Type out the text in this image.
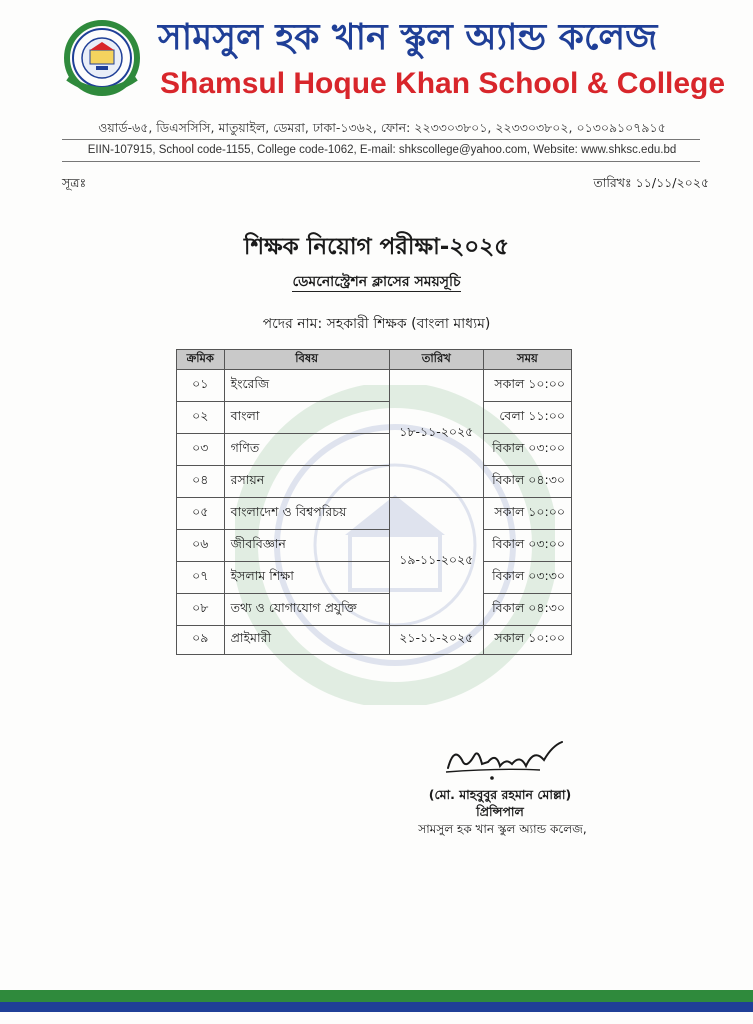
সামসুল হক খান স্কুল অ্যান্ড কলেজ
Shamsul Hoque Khan School & College
ওয়ার্ড-৬৫, ডিএসসিসি, মাতুয়াইল, ডেমরা, ঢাকা-১৩৬২, ফোন: ২২৩৩০৩৮০১, ২২৩৩০৩৮০২, ০১৩০৯১০৭৯১৫
EIIN-107915, School code-1155, College code-1062, E-mail: shkscollege@yahoo.com, Website: www.shksc.edu.bd
সূত্রঃ	তারিখঃ ১১/১১/২০২৫
শিক্ষক নিয়োগ পরীক্ষা-২০২৫
ডেমনোস্ট্রেশন ক্লাসের সময়সূচি
পদের নাম: সহকারী শিক্ষক (বাংলা মাধ্যম)
ক্রমিক	বিষয়	তারিখ	সময়
০১	ইংরেজি	১৮-১১-২০২৫	সকাল ১০:০০
০২	বাংলা		বেলা ১১:০০
০৩	গণিত		বিকাল ০৩:০০
০৪	রসায়ন		বিকাল ০৪:৩০
০৫	বাংলাদেশ ও বিশ্বপরিচয়	১৯-১১-২০২৫	সকাল ১০:০০
০৬	জীববিজ্ঞান		বিকাল ০৩:০০
০৭	ইসলাম শিক্ষা		বিকাল ০৩:৩০
০৮	তথ্য ও যোগাযোগ প্রযুক্তি		বিকাল ০৪:৩০
০৯	প্রাইমারী	২১-১১-২০২৫	সকাল ১০:০০
(মো. মাহবুবুর রহমান মোল্লা)
প্রিন্সিপাল
সামসুল হক খান স্কুল অ্যান্ড কলেজ,
